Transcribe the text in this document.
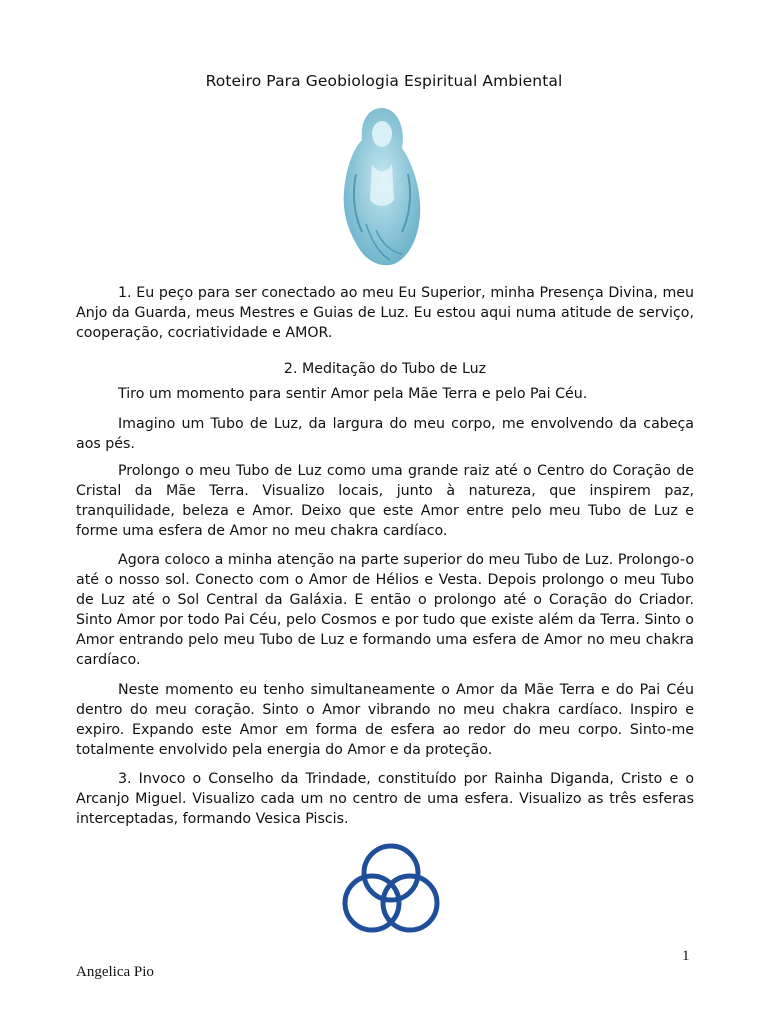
Roteiro Para Geobiologia Espiritual Ambiental

1. Eu peço para ser conectado ao meu Eu Superior, minha Presença Divina, meu Anjo da Guarda, meus Mestres e Guias de Luz. Eu estou aqui numa atitude de serviço, cooperação, cocriatividade e AMOR.

2. Meditação do Tubo de Luz

Tiro um momento para sentir Amor pela Mãe Terra e pelo Pai Céu.

Imagino um Tubo de Luz, da largura do meu corpo, me envolvendo da cabeça aos pés.

Prolongo o meu Tubo de Luz como uma grande raiz até o Centro do Coração de Cristal da Mãe Terra. Visualizo locais, junto à natureza, que inspirem paz, tranquilidade, beleza e Amor. Deixo que este Amor entre pelo meu Tubo de Luz e forme uma esfera de Amor no meu chakra cardíaco.

Agora coloco a minha atenção na parte superior do meu Tubo de Luz. Prolongo-o até o nosso sol. Conecto com o Amor de Hélios e Vesta. Depois prolongo o meu Tubo de Luz até o Sol Central da Galáxia. E então o prolongo até o Coração do Criador. Sinto Amor por todo Pai Céu, pelo Cosmos e por tudo que existe além da Terra. Sinto o Amor entrando pelo meu Tubo de Luz e formando uma esfera de Amor no meu chakra cardíaco.

Neste momento eu tenho simultaneamente o Amor da Mãe Terra e do Pai Céu dentro do meu coração. Sinto o Amor vibrando no meu chakra cardíaco. Inspiro e expiro. Expando este Amor em forma de esfera ao redor do meu corpo. Sinto-me totalmente envolvido pela energia do Amor e da proteção.

3. Invoco o Conselho da Trindade, constituído por Rainha Diganda, Cristo e o Arcanjo Miguel. Visualizo cada um no centro de uma esfera. Visualizo as três esferas interceptadas, formando Vesica Piscis.

1
Angelica Pio
